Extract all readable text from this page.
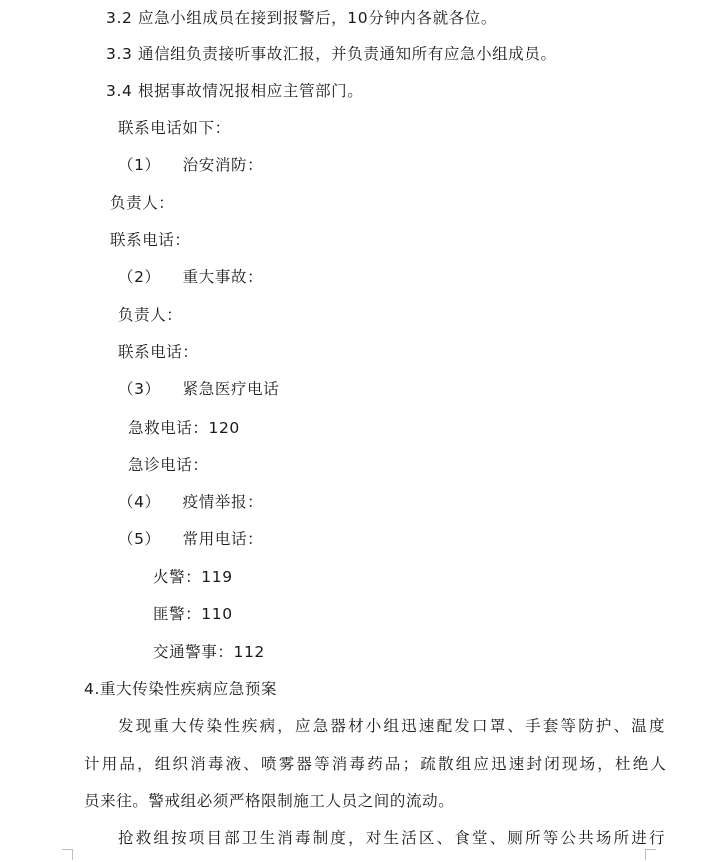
3.2 应急小组成员在接到报警后，10分钟内各就各位。
3.3 通信组负责接听事故汇报，并负责通知所有应急小组成员。
3.4 根据事故情况报相应主管部门。
联系电话如下：
（1） 治安消防：
负责人：
联系电话：
（2） 重大事故：
负责人：
联系电话：
（3） 紧急医疗电话
急救电话：120
急诊电话：
（4） 疫情举报：
（5） 常用电话：
火警：119
匪警：110
交通警事：112
4.重大传染性疾病应急预案
发现重大传染性疾病，应急器材小组迅速配发口罩、手套等防护、温度
计用品，组织消毒液、喷雾器等消毒药品；疏散组应迅速封闭现场，杜绝人
员来往。警戒组必须严格限制施工人员之间的流动。
抢救组按项目部卫生消毒制度，对生活区、食堂、厕所等公共场所进行
